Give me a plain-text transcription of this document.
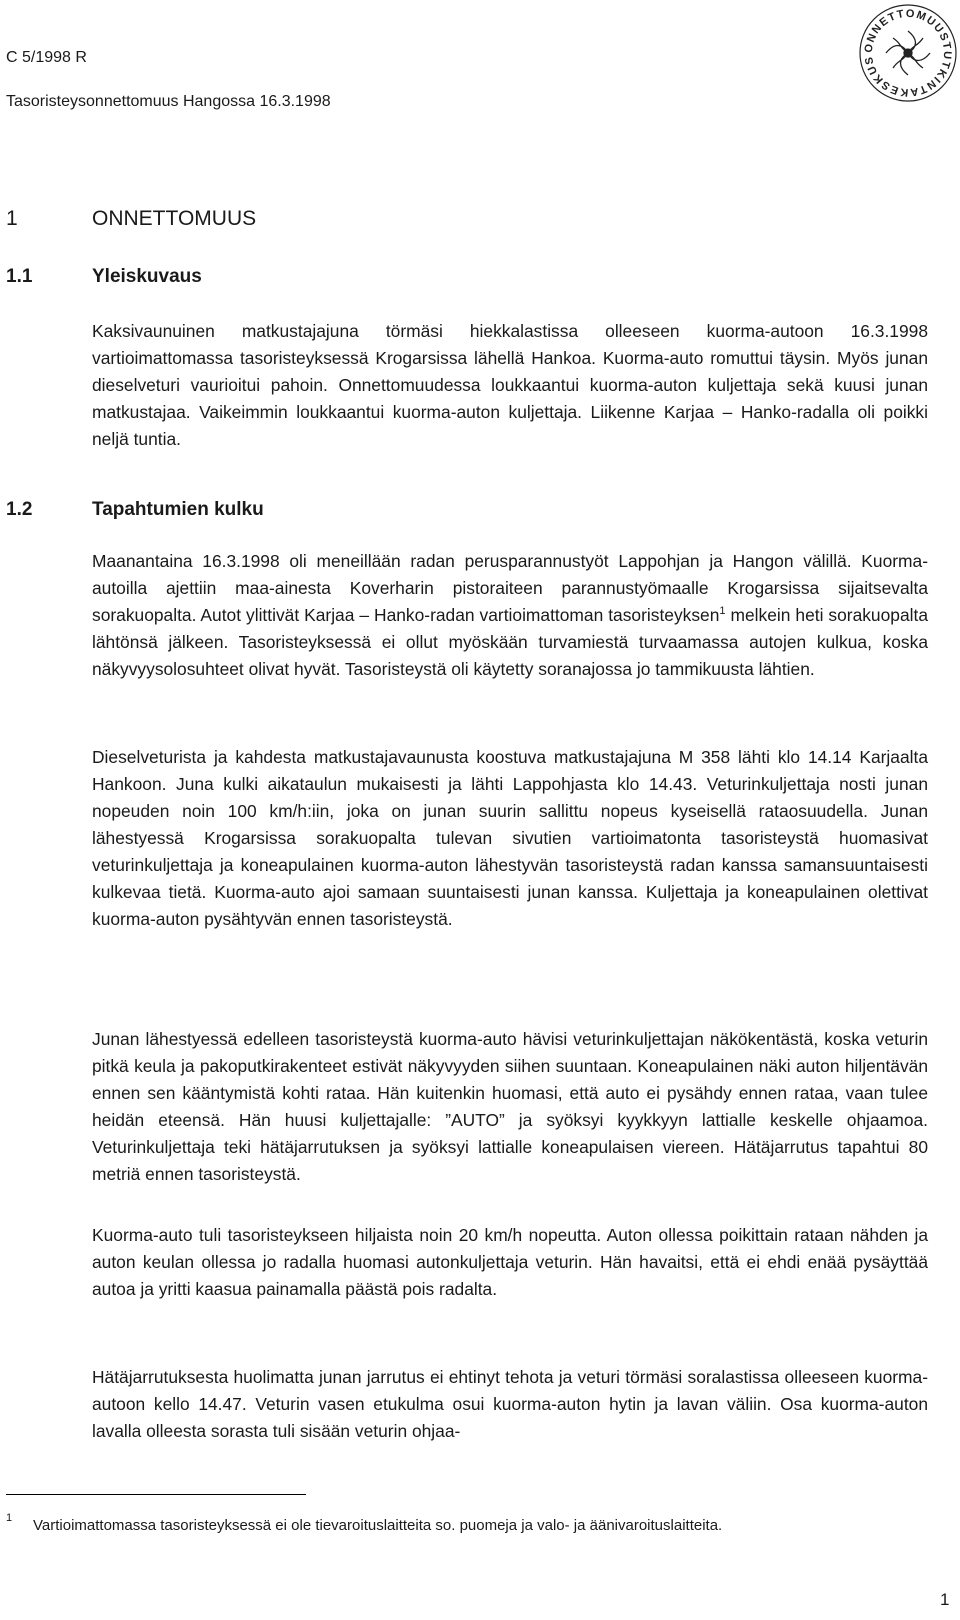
C 5/1998 R
Tasoristeysonnettomuus Hangossa 16.3.1998
ONNETTOMUUSTUTKINTAKESKUS
1	ONNETTOMUUS
1.1	Yleiskuvaus

Kaksivaunuinen matkustajajuna törmäsi hiekkalastissa olleeseen kuorma-autoon 16.3.1998 vartioimattomassa tasoristeyksessä Krogarsissa lähellä Hankoa. Kuorma-auto romuttui täysin. Myös junan dieselveturi vaurioitui pahoin. Onnettomuudessa loukkaantui kuorma-auton kuljettaja sekä kuusi junan matkustajaa. Vaikeimmin loukkaantui kuorma-auton kuljettaja. Liikenne Karjaa – Hanko-radalla oli poikki neljä tuntia.

1.2	Tapahtumien kulku

Maanantaina 16.3.1998 oli meneillään radan perusparannustyöt Lappohjan ja Hangon välillä. Kuorma-autoilla ajettiin maa-ainesta Koverharin pistoraiteen parannustyömaalle Krogarsissa sijaitsevalta sorakuopalta. Autot ylittivät Karjaa – Hanko-radan vartioimattoman tasoristeyksen$^1$ melkein heti sorakuopalta lähtönsä jälkeen. Tasoristeyksessä ei ollut myöskään turvamiestä turvaamassa autojen kulkua, koska näkyvyysolosuhteet olivat hyvät. Tasoristeystä oli käytetty soranajossa jo tammikuusta lähtien.

Dieselveturista ja kahdesta matkustajavaunusta koostuva matkustajajuna M 358 lähti klo 14.14 Karjaalta Hankoon. Juna kulki aikataulun mukaisesti ja lähti Lappohjasta klo 14.43. Veturinkuljettaja nosti junan nopeuden noin 100 km/h:iin, joka on junan suurin sallittu nopeus kyseisellä rataosuudella. Junan lähestyessä Krogarsissa sorakuopalta tulevan sivutien vartioimatonta tasoristeystä huomasivat veturinkuljettaja ja koneapulainen kuorma-auton lähestyvän tasoristeystä radan kanssa samansuuntaisesti kulkevaa tietä. Kuorma-auto ajoi samaan suuntaisesti junan kanssa. Kuljettaja ja koneapulainen olettivat kuorma-auton pysähtyvän ennen tasoristeystä.

Junan lähestyessä edelleen tasoristeystä kuorma-auto hävisi veturinkuljettajan näkökentästä, koska veturin pitkä keula ja pakoputkirakenteet estivät näkyvyyden siihen suuntaan. Koneapulainen näki auton hiljentävän ennen sen kääntymistä kohti rataa. Hän kuitenkin huomasi, että auto ei pysähdy ennen rataa, vaan tulee heidän eteensä. Hän huusi kuljettajalle: ”AUTO” ja syöksyi kyykkyyn lattialle keskelle ohjaamoa. Veturinkuljettaja teki hätäjarrutuksen ja syöksyi lattialle koneapulaisen viereen. Hätäjarrutus tapahtui 80 metriä ennen tasoristeystä.

Kuorma-auto tuli tasoristeykseen hiljaista noin 20 km/h nopeutta. Auton ollessa poikittain rataan nähden ja auton keulan ollessa jo radalla huomasi autonkuljettaja veturin. Hän havaitsi, että ei ehdi enää pysäyttää autoa ja yritti kaasua painamalla päästä pois radalta.

Hätäjarrutuksesta huolimatta junan jarrutus ei ehtinyt tehota ja veturi törmäsi soralastissa olleeseen kuorma-autoon kello 14.47. Veturin vasen etukulma osui kuorma-auton hytin ja lavan väliin. Osa kuorma-auton lavalla olleesta sorasta tuli sisään veturin ohjaa-

1 Vartioimattomassa tasoristeyksessä ei ole tievaroituslaitteita so. puomeja ja valo- ja äänivaroituslaitteita.
1
